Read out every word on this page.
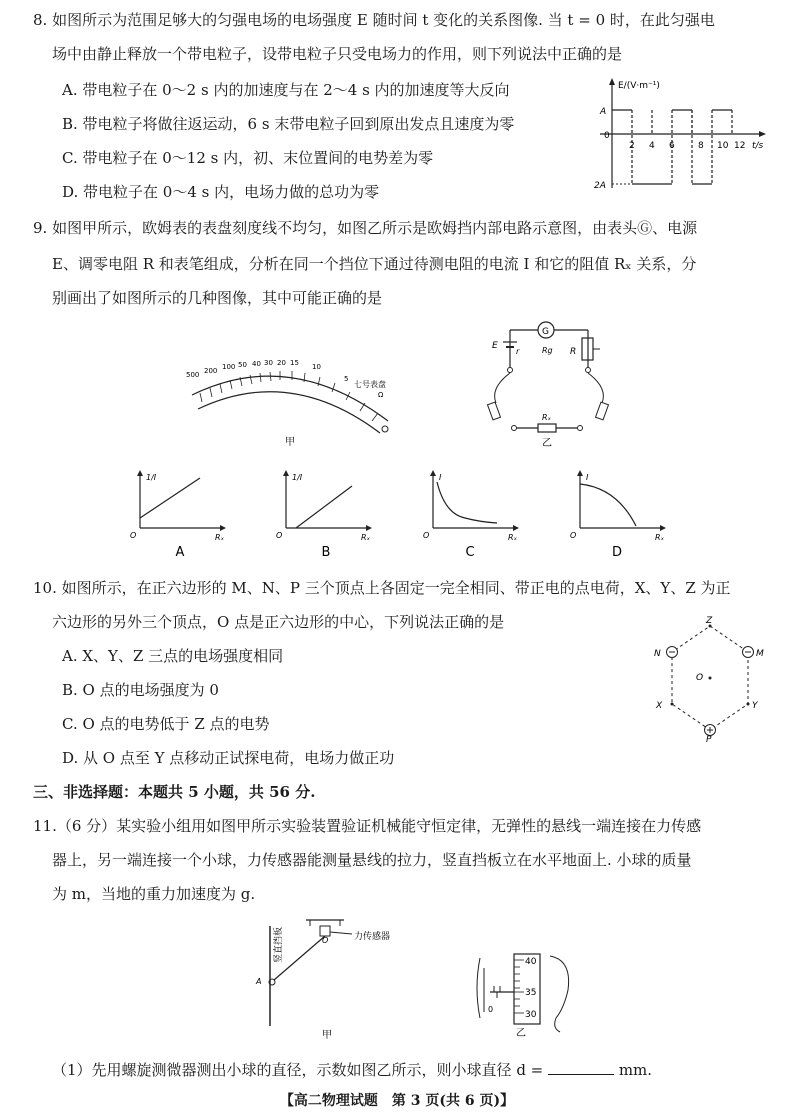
8. 如图所示为范围足够大的匀强电场的电场强度 E 随时间 t 变化的关系图像. 当 t = 0 时，在此匀强电
场中由静止释放一个带电粒子，设带电粒子只受电场力的作用，则下列说法中正确的是
A. 带电粒子在 0～2 s 内的加速度与在 2～4 s 内的加速度等大反向
B. 带电粒子将做往返运动，6 s 末带电粒子回到原出发点且速度为零
C. 带电粒子在 0～12 s 内，初、末位置间的电势差为零
D. 带电粒子在 0～4 s 内，电场力做的总功为零
E/(V·m⁻¹)
t/s
0
A
2A
2 4 6	8 10 12
9. 如图甲所示，欧姆表的表盘刻度线不均匀，如图乙所示是欧姆挡内部电路示意图，由表头Ⓖ、电源
E、调零电阻 R 和表笔组成，分析在同一个挡位下通过待测电阻的电流 I 和它的阻值 Rₓ 关系，分
别画出了如图所示的几种图像，其中可能正确的是
500 200 100 50 40 30 20 15 10
5
Ω
七号表盘
甲
G
Rg R
E
r
Rₓ
乙
1/I
Rₓ
O
A
1/I
Rₓ
O
B
I
Rₓ
O
C
I
Rₓ
O
D
10. 如图所示，在正六边形的 M、N、P 三个顶点上各固定一完全相同、带正电的点电荷，X、Y、Z 为正
六边形的另外三个顶点，O 点是正六边形的中心，下列说法正确的是
A. X、Y、Z 三点的电场强度相同
B. O 点的电场强度为 0
C. O 点的电势低于 Z 点的电势
D. 从 O 点至 Y 点移动正试探电荷，电场力做正功
Z
N	M
O
X	Y
P
三、非选择题：本题共 5 小题，共 56 分.
11.（6 分）某实验小组用如图甲所示实验装置验证机械能守恒定律，无弹性的悬线一端连接在力传感
器上，另一端连接一个小球，力传感器能测量悬线的拉力，竖直挡板立在水平地面上. 小球的质量
为 m，当地的重力加速度为 g.
竖直挡板	力传感器
O
A
甲
0
40
35
30
乙
（1）先用螺旋测微器测出小球的直径，示数如图乙所示，则小球直径 d =	mm.
【高二物理试题　第 3 页(共 6 页)】
